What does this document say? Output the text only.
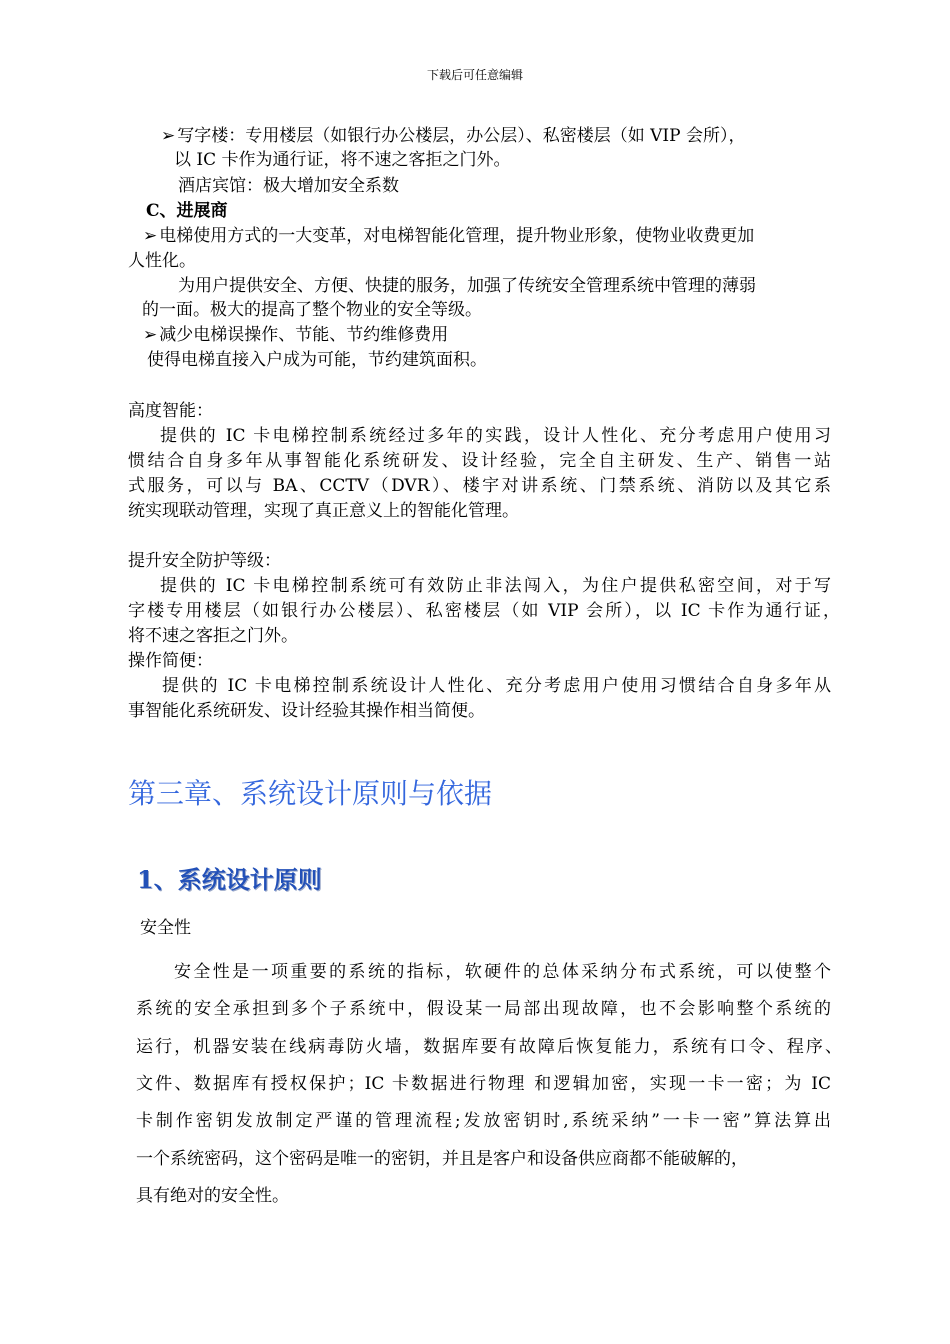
下载后可任意编辑
➢ 写字楼：专用楼层（如银行办公楼层，办公层）、私密楼层（如 VIP 会所），
以 IC 卡作为通行证，将不速之客拒之门外。
酒店宾馆：极大增加安全系数
C、进展商
➢ 电梯使用方式的一大变革，对电梯智能化管理，提升物业形象，使物业收费更加
人性化。
为用户提供安全、方便、快捷的服务，加强了传统安全管理系统中管理的薄弱
的一面。极大的提高了整个物业的安全等级。
➢ 减少电梯误操作、节能、节约维修费用
使得电梯直接入户成为可能，节约建筑面积。
高度智能：
提供的 IC 卡电梯控制系统经过多年的实践，设计人性化、充分考虑用户使用习
惯结合自身多年从事智能化系统研发、设计经验，完全自主研发、生产、销售一站
式服务，可以与 BA、CCTV（DVR）、楼宇对讲系统、门禁系统、消防以及其它系
统实现联动管理，实现了真正意义上的智能化管理。
提升安全防护等级：
提供的 IC 卡电梯控制系统可有效防止非法闯入，为住户提供私密空间，对于写
字楼专用楼层（如银行办公楼层）、私密楼层（如 VIP 会所），以 IC 卡作为通行证，
将不速之客拒之门外。
操作简便：
提供的 IC 卡电梯控制系统设计人性化、充分考虑用户使用习惯结合自身多年从
事智能化系统研发、设计经验其操作相当简便。
第三章、系统设计原则与依据
1、系统设计原则
安全性
安全性是一项重要的系统的指标，软硬件的总体采纳分布式系统，可以使整个
系统的安全承担到多个子系统中，假设某一局部出现故障，也不会影响整个系统的
运行，机器安装在线病毒防火墙，数据库要有故障后恢复能力，系统有口令、程序、
文件、数据库有授权保护；IC 卡数据进行物理 和逻辑加密，实现一卡一密；为 IC
卡制作密钥发放制定严谨的管理流程;发放密钥时,系统采纳”一卡一密”算法算出
一个系统密码，这个密码是唯一的密钥，并且是客户和设备供应商都不能破解的，
具有绝对的安全性。
